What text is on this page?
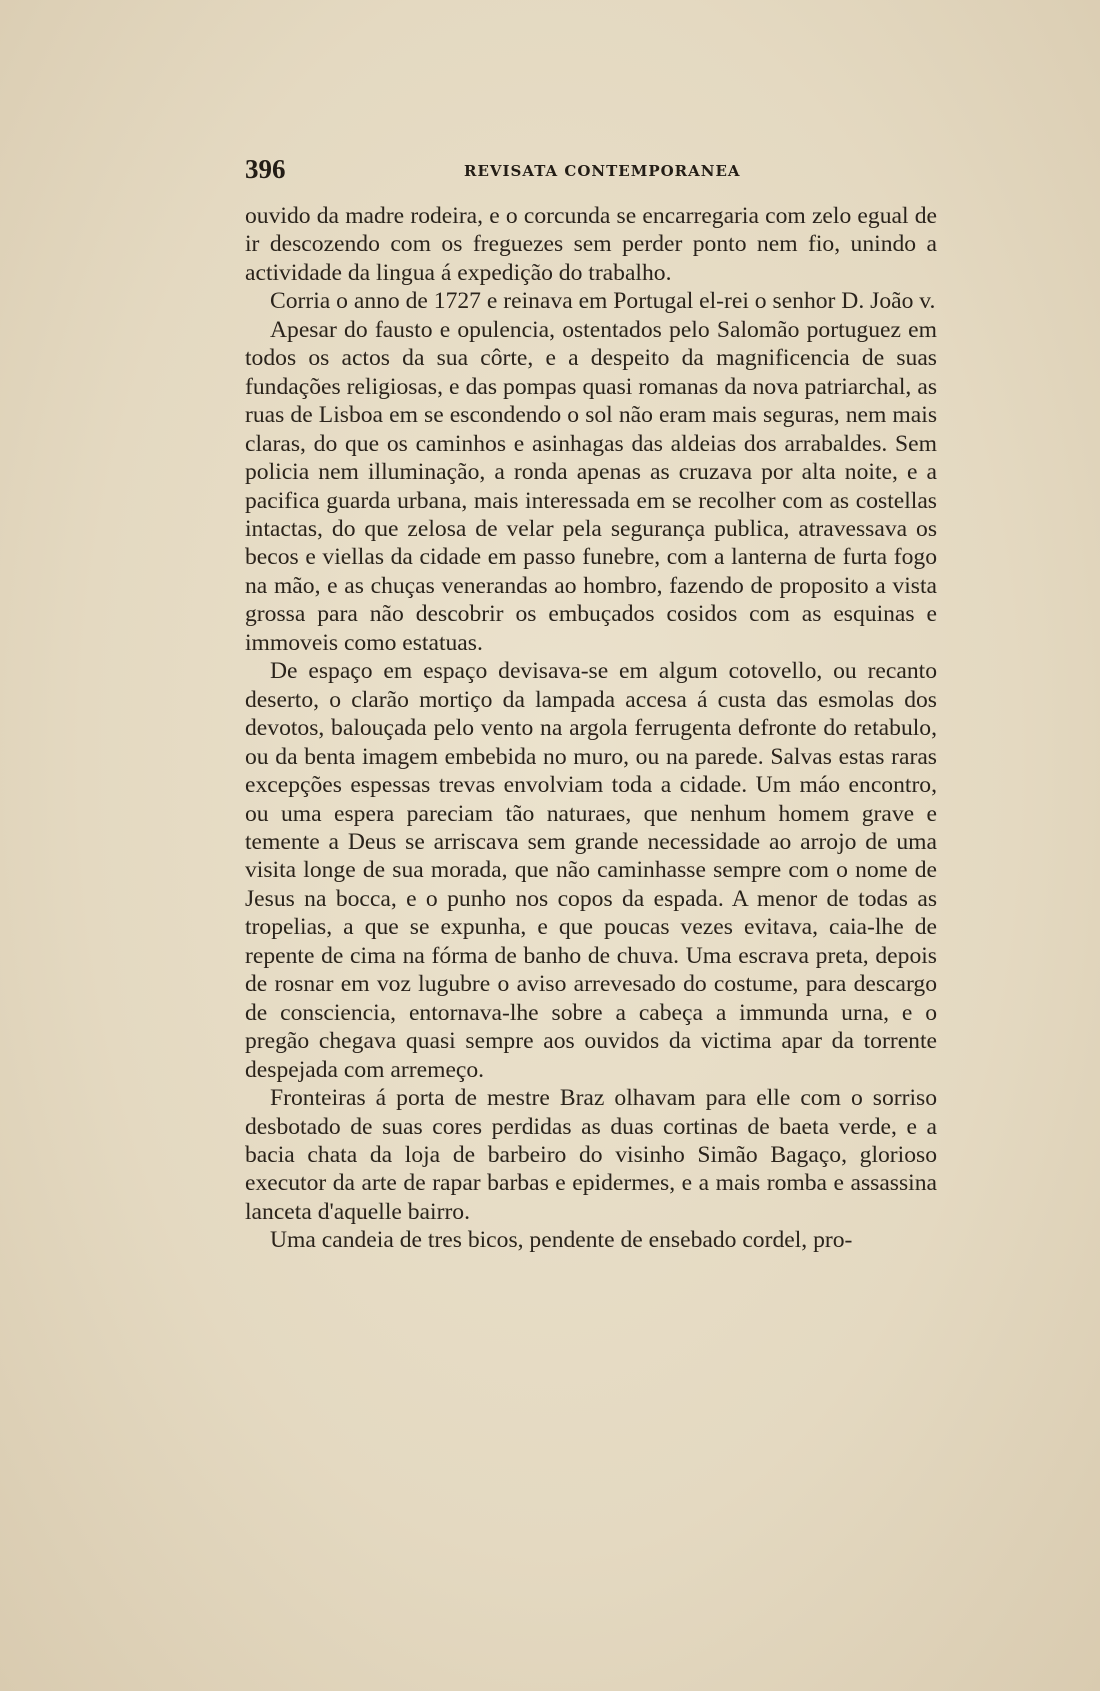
396	REVISATA CONTEMPORANEA

ouvido da madre rodeira, e o corcunda se encarregaria com zelo egual de ir descozendo com os freguezes sem perder ponto nem fio, unindo a actividade da lingua á expedição do trabalho.

Corria o anno de 1727 e reinava em Portugal el-rei o senhor D. João v.

Apesar do fausto e opulencia, ostentados pelo Salomão portuguez em todos os actos da sua côrte, e a despeito da magnificencia de suas fundações religiosas, e das pompas quasi romanas da nova patriarchal, as ruas de Lisboa em se escondendo o sol não eram mais seguras, nem mais claras, do que os caminhos e asinhagas das aldeias dos arrabaldes. Sem policia nem illuminação, a ronda apenas as cruzava por alta noite, e a pacifica guarda urbana, mais interessada em se recolher com as costellas intactas, do que zelosa de velar pela segurança publica, atravessava os becos e viellas da cidade em passo funebre, com a lanterna de furta fogo na mão, e as chuças venerandas ao hombro, fazendo de proposito a vista grossa para não descobrir os embuçados cosidos com as esquinas e immoveis como estatuas.

De espaço em espaço devisava-se em algum cotovello, ou recanto deserto, o clarão mortiço da lampada accesa á custa das esmolas dos devotos, balouçada pelo vento na argola ferrugenta defronte do retabulo, ou da benta imagem embebida no muro, ou na parede. Salvas estas raras excepções espessas trevas envolviam toda a cidade. Um máo encontro, ou uma espera pareciam tão naturaes, que nenhum homem grave e temente a Deus se arriscava sem grande necessidade ao arrojo de uma visita longe de sua morada, que não caminhasse sempre com o nome de Jesus na bocca, e o punho nos copos da espada. A menor de todas as tropelias, a que se expunha, e que poucas vezes evitava, caia-lhe de repente de cima na fórma de banho de chuva. Uma escrava preta, depois de rosnar em voz lugubre o aviso arrevesado do costume, para descargo de consciencia, entornava-lhe sobre a cabeça a immunda urna, e o pregão chegava quasi sempre aos ouvidos da victima apar da torrente despejada com arremeço.

Fronteiras á porta de mestre Braz olhavam para elle com o sorriso desbotado de suas cores perdidas as duas cortinas de baeta verde, e a bacia chata da loja de barbeiro do visinho Simão Bagaço, glorioso executor da arte de rapar barbas e epidermes, e a mais romba e assassina lanceta d'aquelle bairro.

Uma candeia de tres bicos, pendente de ensebado cordel, pro-
